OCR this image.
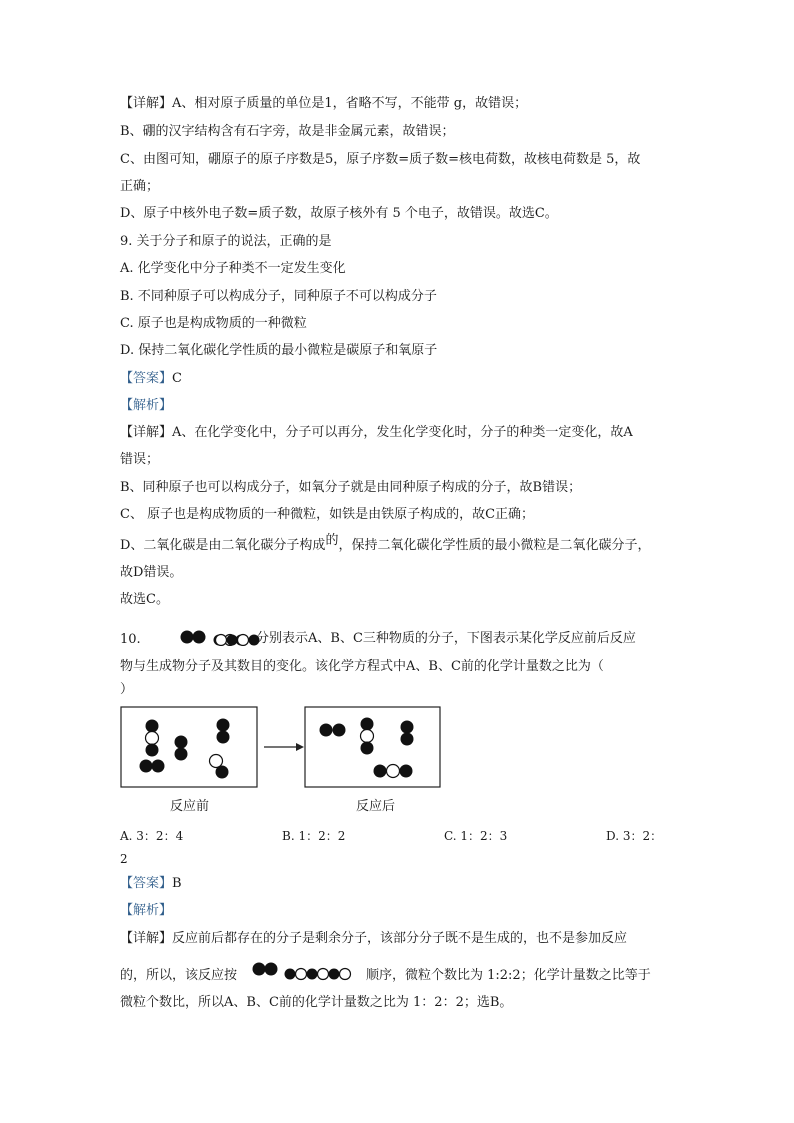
【详解】A、相对原子质量的单位是1，省略不写，不能带 g，故错误；
B、硼的汉字结构含有石字旁，故是非金属元素，故错误；
C、由图可知，硼原子的原子序数是5，原子序数=质子数=核电荷数，故核电荷数是 5，故
正确；
D、原子中核外电子数=质子数，故原子核外有 5 个电子，故错误。故选C。
9. 关于分子和原子的说法，正确的是
A. 化学变化中分子种类不一定发生变化
B. 不同种原子可以构成分子，同种原子不可以构成分子
C. 原子也是构成物质的一种微粒
D. 保持二氧化碳化学性质的最小微粒是碳原子和氧原子
【答案】C
【解析】
【详解】A、在化学变化中，分子可以再分，发生化学变化时，分子的种类一定变化，故A
错误；
B、同种原子也可以构成分子，如氧分子就是由同种原子构成的分子，故B错误；
C、 原子也是构成物质的一种微粒，如铁是由铁原子构成的，故C正确；
D、二氧化碳是由二氧化碳分子构成的，保持二氧化碳化学性质的最小微粒是二氧化碳分子，
故D错误。
故选C。
10.	分别表示A、B、C三种物质的分子，下图表示某化学反应前后反应
物与生成物分子及其数目的变化。该化学方程式中A、B、C前的化学计量数之比为（
）
反应前	反应后
A. 3：2：4	B. 1：2：2	C. 1：2：3	D. 3：2：
2
【答案】B
【解析】
【详解】反应前后都存在的分子是剩余分子，该部分分子既不是生成的，也不是参加反应
的，所以，该反应按	顺序，微粒个数比为 1:2:2；化学计量数之比等于
微粒个数比，所以A、B、C前的化学计量数之比为 1：2：2；选B。
